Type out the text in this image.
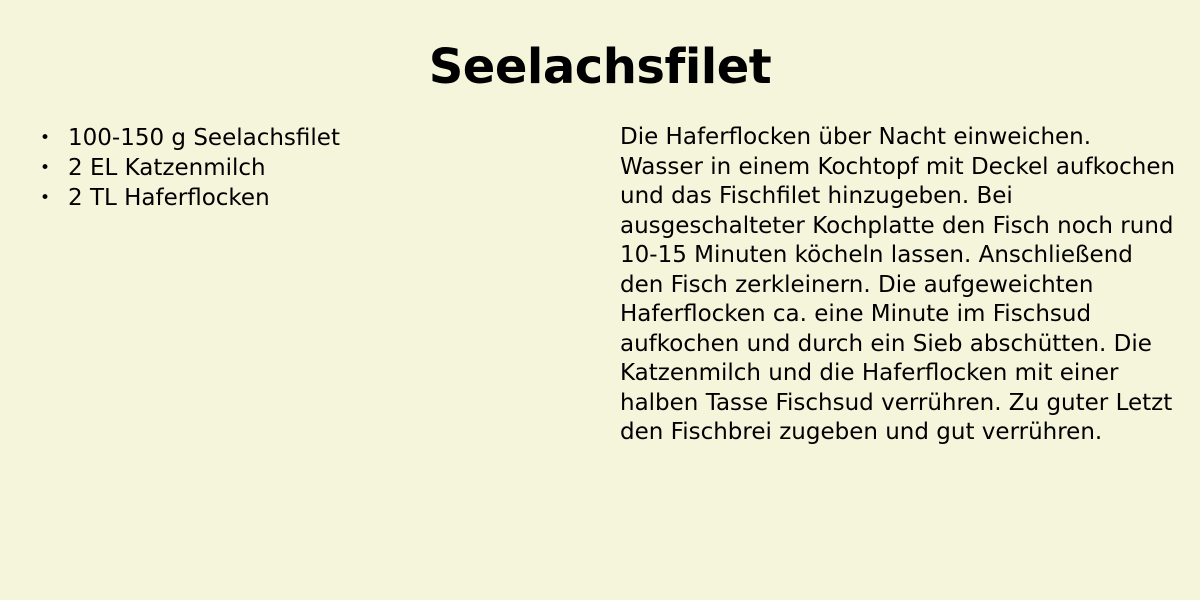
Seelachsfilet
• 100-150 g Seelachsfilet
• 2 EL Katzenmilch
• 2 TL Haferflocken

Die Haferflocken über Nacht einweichen. Wasser in einem Kochtopf mit Deckel aufkochen und das Fischfilet hinzugeben. Bei ausgeschalteter Kochplatte den Fisch noch rund 10-15 Minuten köcheln lassen. Anschließend den Fisch zerkleinern. Die aufgeweichten Haferflocken ca. eine Minute im Fischsud aufkochen und durch ein Sieb abschütten. Die Katzenmilch und die Haferflocken mit einer halben Tasse Fischsud verrühren. Zu guter Letzt den Fischbrei zugeben und gut verrühren.
